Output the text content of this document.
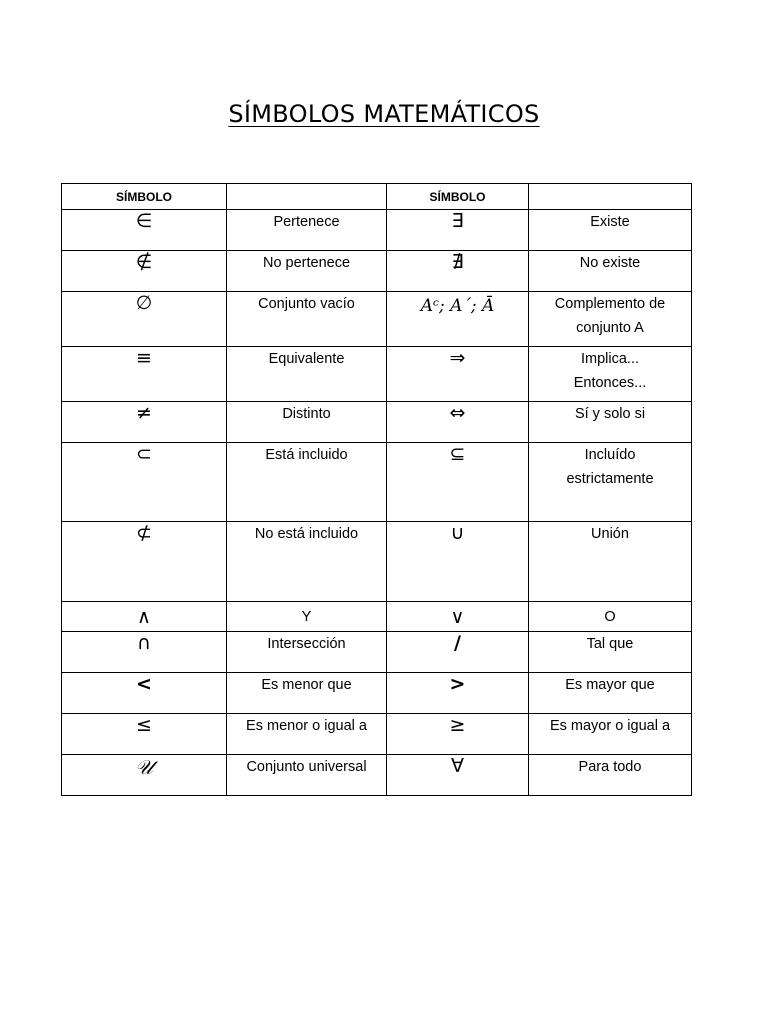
SÍMBOLOS MATEMÁTICOS
SÍMBOLO		SÍMBOLO	
∈	Pertenece	∃	Existe
∉	No pertenece	∄	No existe
∅	Conjunto vacío	Aᶜ; A´; Ā	Complemento de conjunto A
≡	Equivalente	⇒	Implica... Entonces...
≠	Distinto	⇔	Sí y solo si
⊂	Está incluido	⊆	Incluído estrictamente
⊄	No está incluido	∪	Unión
∧	Y	∨	O
∩	Intersección	/	Tal que
<	Es menor que	>	Es mayor que
≤	Es menor o igual a	≥	Es mayor o igual a
𝒰	Conjunto universal	∀	Para todo
